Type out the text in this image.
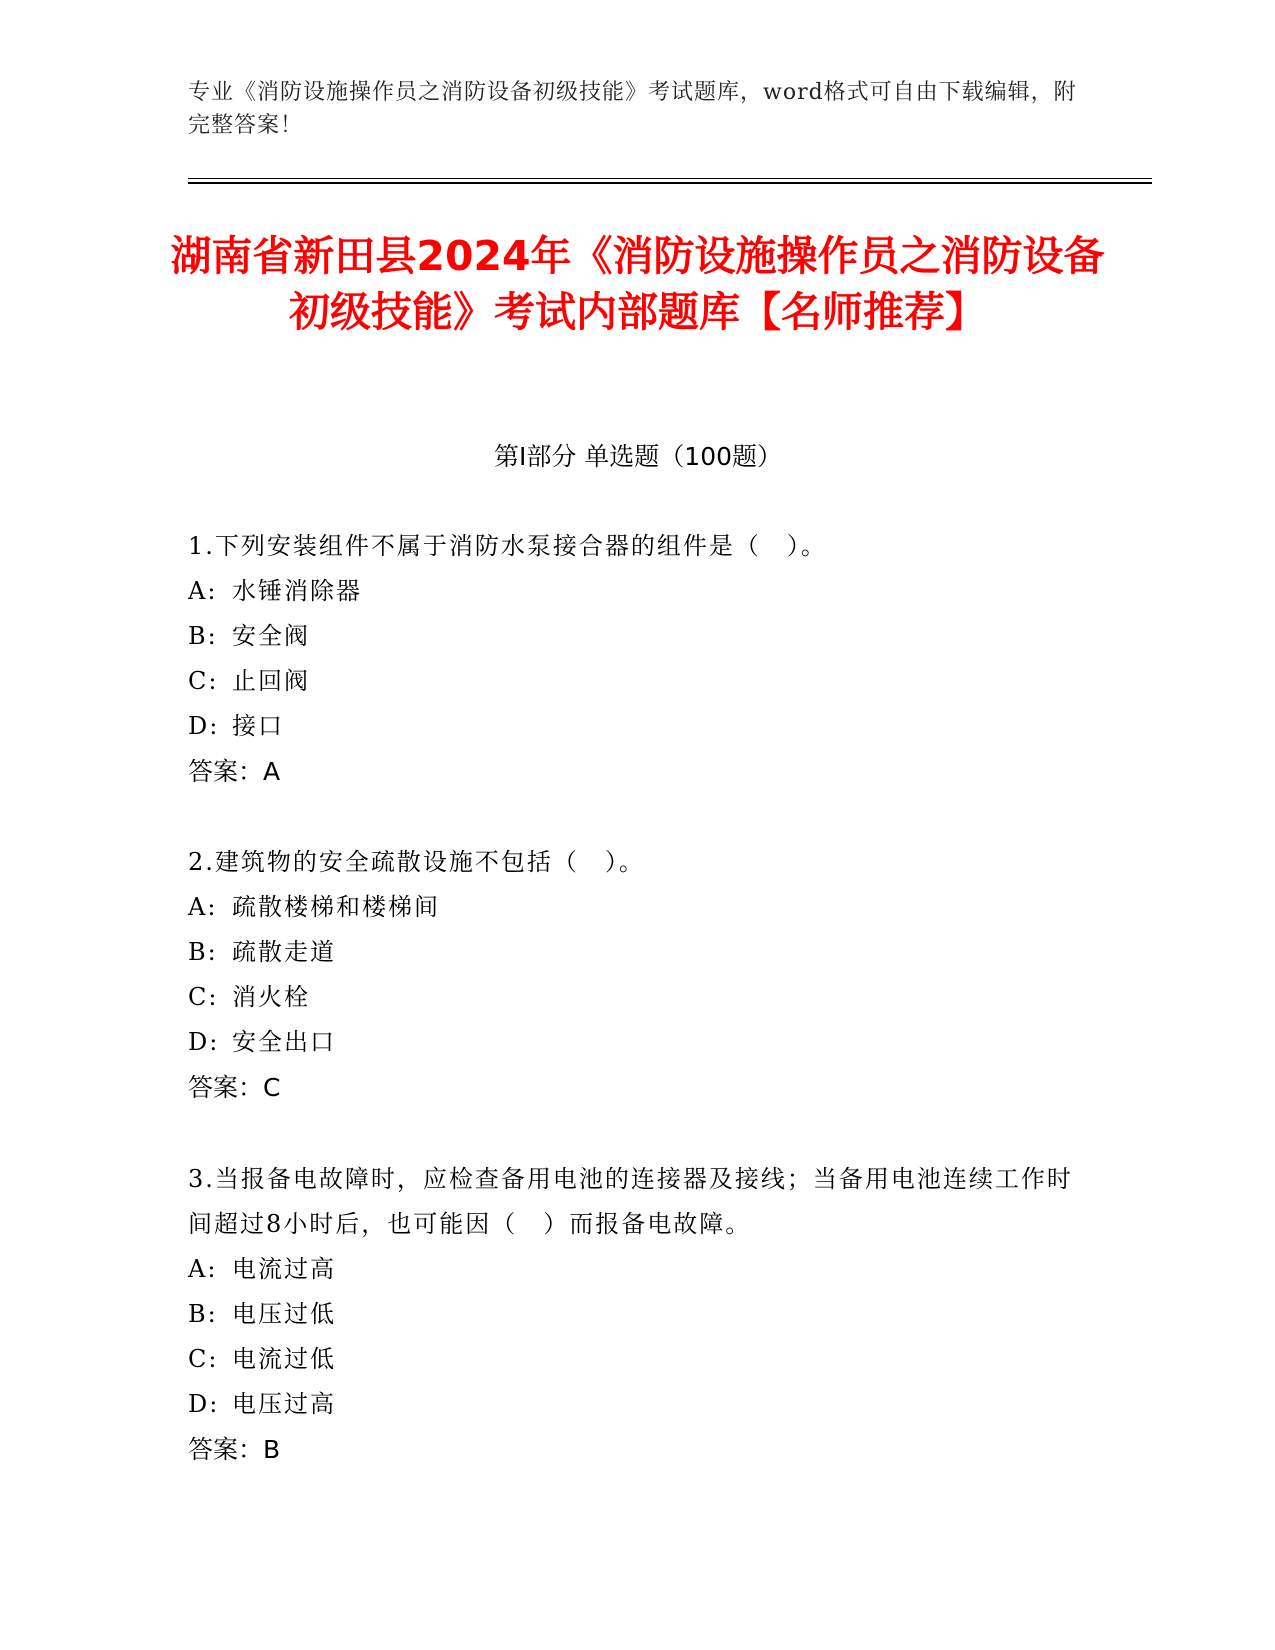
专业《消防设施操作员之消防设备初级技能》考试题库，word格式可自由下载编辑，附完整答案！
湖南省新田县2024年《消防设施操作员之消防设备初级技能》考试内部题库【名师推荐】
第I部分 单选题（100题）

1.下列安装组件不属于消防水泵接合器的组件是（　）。

A: 水锤消除器

B: 安全阀

C: 止回阀

D: 接口

答案：A

2.建筑物的安全疏散设施不包括（　）。

A: 疏散楼梯和楼梯间

B: 疏散走道

C: 消火栓

D: 安全出口

答案：C

3.当报备电故障时，应检查备用电池的连接器及接线；当备用电池连续工作时间超过8小时后，也可能因（　）而报备电故障。

A: 电流过高

B: 电压过低

C: 电流过低

D: 电压过高

答案：B
